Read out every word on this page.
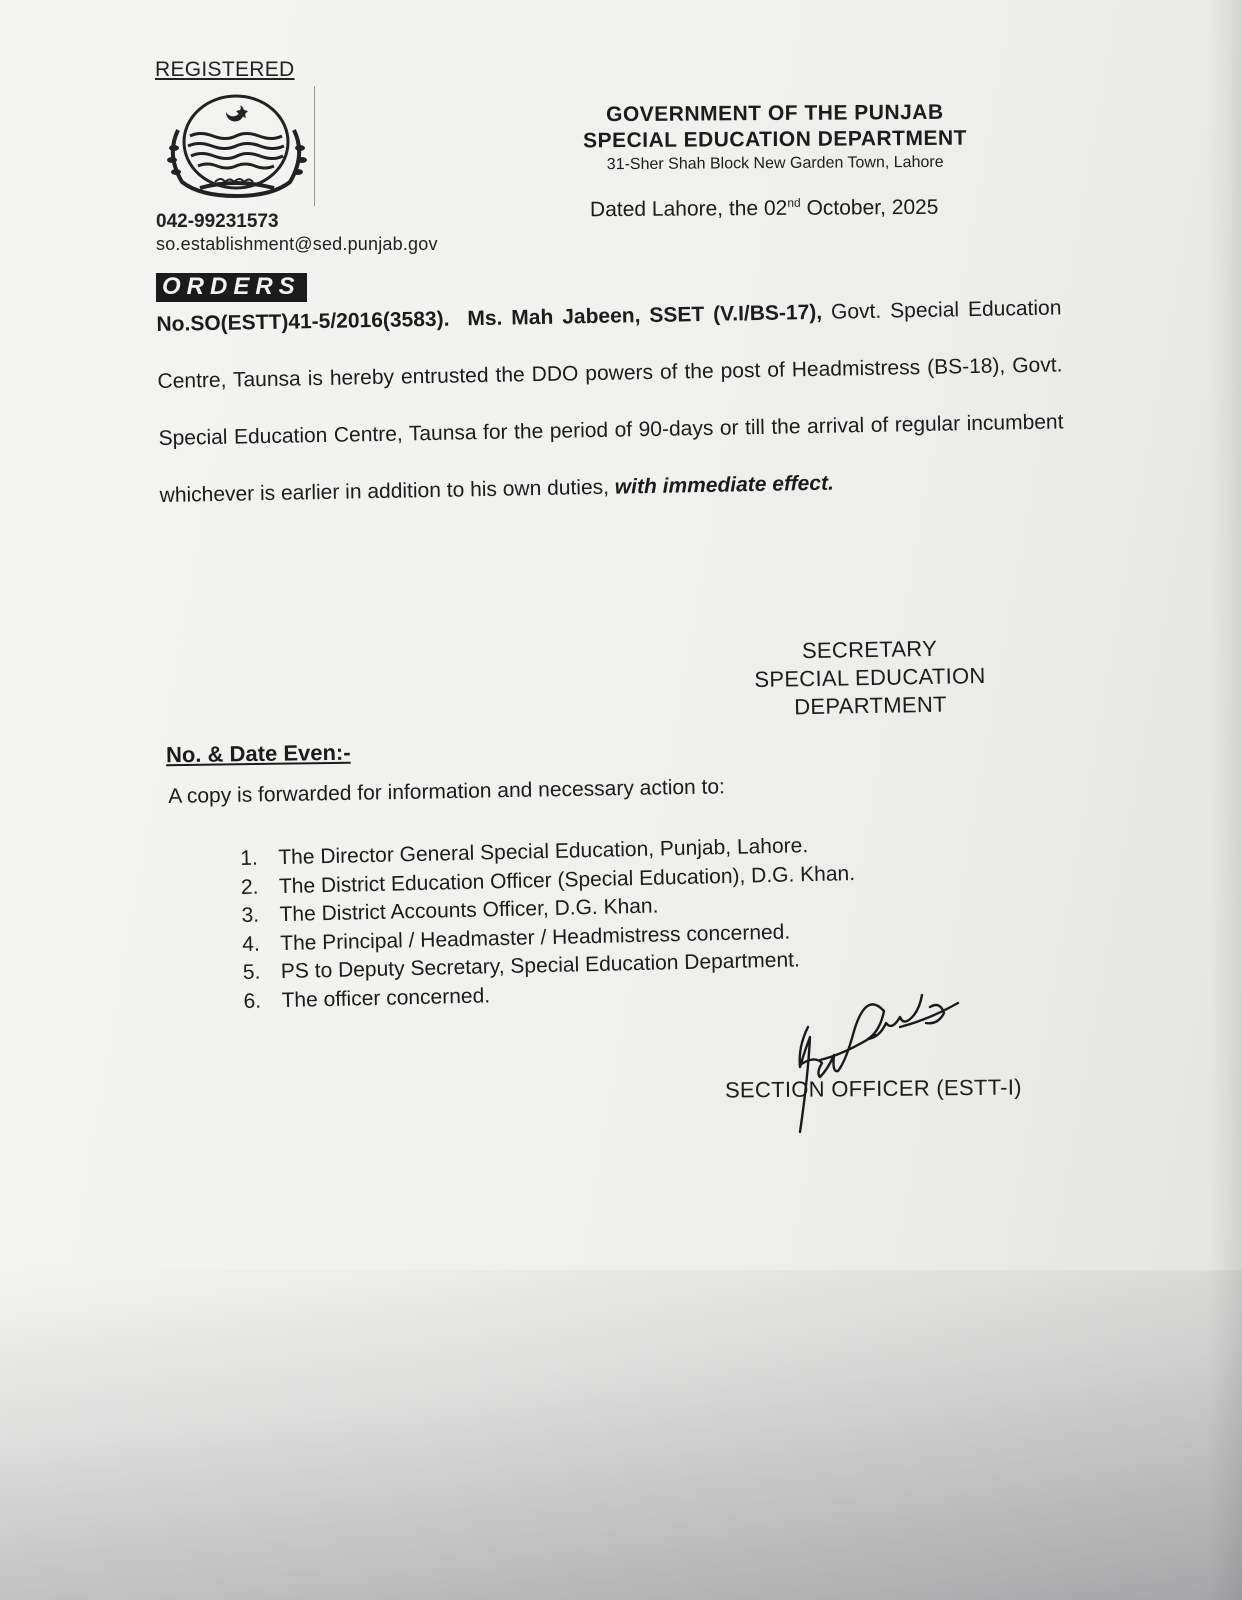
REGISTERED
042-99231573
so.establishment@sed.punjab.gov
ORDERS
GOVERNMENT OF THE PUNJAB
SPECIAL EDUCATION DEPARTMENT
31-Sher Shah Block New Garden Town, Lahore
Dated Lahore, the 02nd October, 2025
No.SO(ESTT)41-5/2016(3583). Ms. Mah Jabeen, SSET (V.I/BS-17), Govt. Special Education Centre, Taunsa is hereby entrusted the DDO powers of the post of Headmistress (BS-18), Govt. Special Education Centre, Taunsa for the period of 90-days or till the arrival of regular incumbent whichever is earlier in addition to his own duties, with immediate effect.
SECRETARY
SPECIAL EDUCATION
DEPARTMENT
No. & Date Even:-
A copy is forwarded for information and necessary action to:
1. The Director General Special Education, Punjab, Lahore.
2. The District Education Officer (Special Education), D.G. Khan.
3. The District Accounts Officer, D.G. Khan.
4. The Principal / Headmaster / Headmistress concerned.
5. PS to Deputy Secretary, Special Education Department.
6. The officer concerned.
SECTION OFFICER (ESTT-I)
